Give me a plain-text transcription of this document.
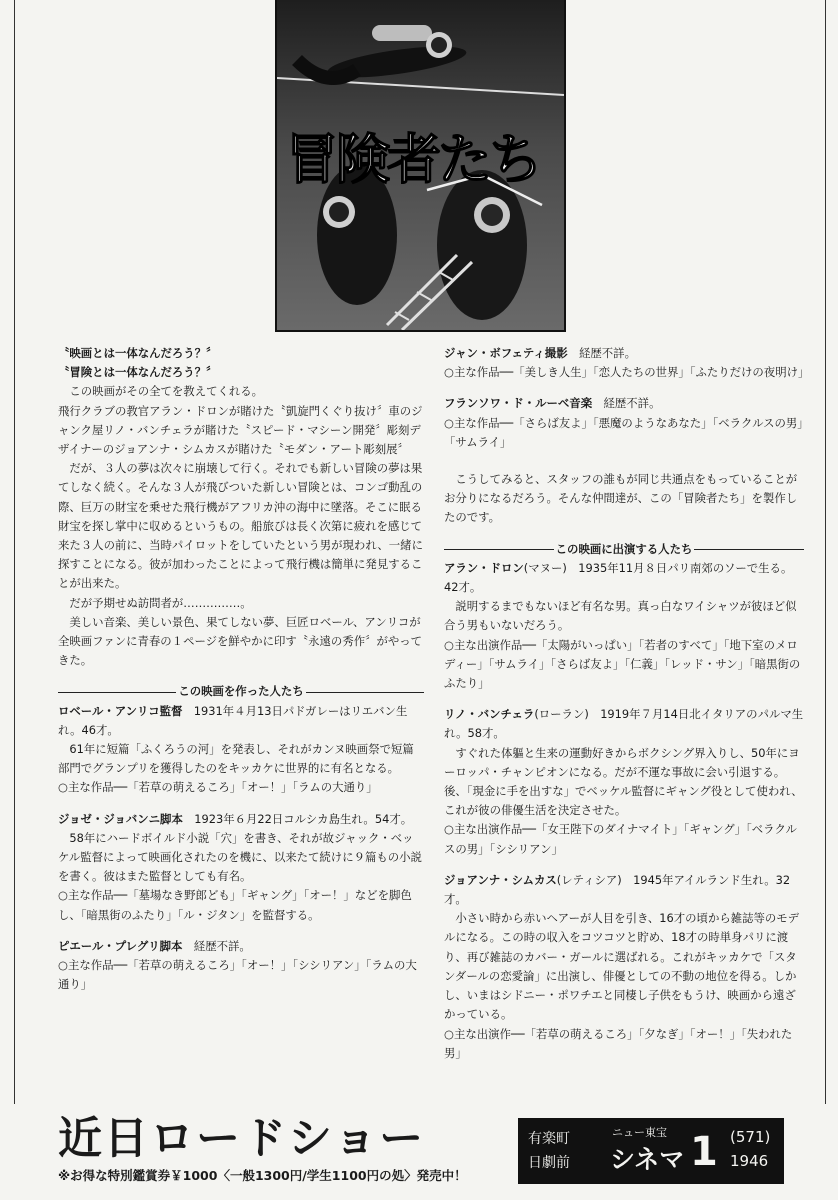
冒険者たち

〝映画とは一体なんだろう？〞

〝冒険とは一体なんだろう？〞

この映画がその全てを教えてくれる。

飛行クラブの教官アラン・ドロンが賭けた〝凱旋門くぐり抜け〞車のジャンク屋リノ・バンチェラが賭けた〝スピード・マシーン開発〞彫刻デザイナーのジョアンナ・シムカスが賭けた〝モダン・アート彫刻展〞

だが、３人の夢は次々に崩壊して行く。それでも新しい冒険の夢は果てしなく続く。そんな３人が飛びついた新しい冒険とは、コンゴ動乱の際、巨万の財宝を乗せた飛行機がアフリカ沖の海中に墜落。そこに眠る財宝を探し掌中に収めるというもの。船旅びは長く次第に疲れを感じて来た３人の前に、当時パイロットをしていたという男が現われ、一緒に探すことになる。彼が加わったことによって飛行機は簡単に発見することが出来た。

だが予期せぬ訪問者が……………。

美しい音楽、美しい景色、果てしない夢、巨匠ロベール、アンリコが全映画ファンに青春の１ページを鮮やかに印す〝永遠の秀作〞がやってきた。

この映画を作った人たち

ロベール・アンリコ監督　 1931年４月13日パドガレーはリエバン生れ。46才。

61年に短篇「ふくろうの河」を発表し、それがカンヌ映画祭で短篇部門でグランプリを獲得したのをキッカケに世界的に有名となる。

○主な作品──「若草の萌えるころ」「オー！」「ラムの大通り」

ジョゼ・ジョバンニ脚本　 1923年６月22日コルシカ島生れ。54才。

58年にハードボイルド小説「穴」を書き、それが故ジャック・ベッケル監督によって映画化されたのを機に、以来たて続けに９篇もの小説を書く。彼はまた監督としても有名。

○主な作品──「墓場なき野郎ども」「ギャング」「オー！」などを脚色し、「暗黒街のふたり」「ル・ジタン」を監督する。

ピエール・プレグリ脚本　 経歴不詳。

○主な作品──「若草の萌えるころ」「オー！」「シシリアン」「ラムの大通り」

ジャン・ボフェティ撮影　 経歴不詳。

○主な作品──「美しき人生」「恋人たちの世界」「ふたりだけの夜明け」

フランソワ・ド・ルーベ音楽　 経歴不詳。

○主な作品──「さらば友よ」「悪魔のようなあなた」「ベラクルスの男」「サムライ」

こうしてみると、スタッフの誰もが同じ共通点をもっていることがお分りになるだろう。そんな仲間達が、この「冒険者たち」を製作したのです。

この映画に出演する人たち

アラン・ドロン(マヌー)　 1935年11月８日パリ南郊のソーで生る。42才。

説明するまでもないほど有名な男。真っ白なワイシャツが彼ほど似合う男もいないだろう。

○主な出演作品──「太陽がいっぱい」「若者のすべて」「地下室のメロディー」「サムライ」「さらば友よ」「仁義」「レッド・サン」「暗黒街のふたり」

リノ・バンチェラ(ローラン)　 1919年７月14日北イタリアのパルマ生れ。58才。

すぐれた体軀と生来の運動好きからボクシング界入りし、50年にヨーロッパ・チャンピオンになる。だが不運な事故に会い引退する。後、「現金に手を出すな」でベッケル監督にギャング役として使われ、これが彼の俳優生活を決定させた。

○主な出演作品──「女王陛下のダイナマイト」「ギャング」「ベラクルスの男」「シシリアン」

ジョアンナ・シムカス(レティシア)　 1945年アイルランド生れ。32才。

小さい時から赤いヘアーが人目を引き、16才の頃から雑誌等のモデルになる。この時の収入をコツコツと貯め、18才の時単身パリに渡り、再び雑誌のカバー・ガールに選ばれる。これがキッカケで「スタンダールの恋愛論」に出演し、俳優としての不動の地位を得る。しかし、いまはシドニー・ポワチエと同棲し子供をもうけ、映画から遠ざかっている。

○主な出演作──「若草の萌えるころ」「夕なぎ」「オー！」「失われた男」

近日ロードショー

※お得な特別鑑賞券￥1000〈一般1300円/学生1100円の処〉発売中！

有楽町
日劇前
ニュー東宝
シネマ 1 (571)
1946
